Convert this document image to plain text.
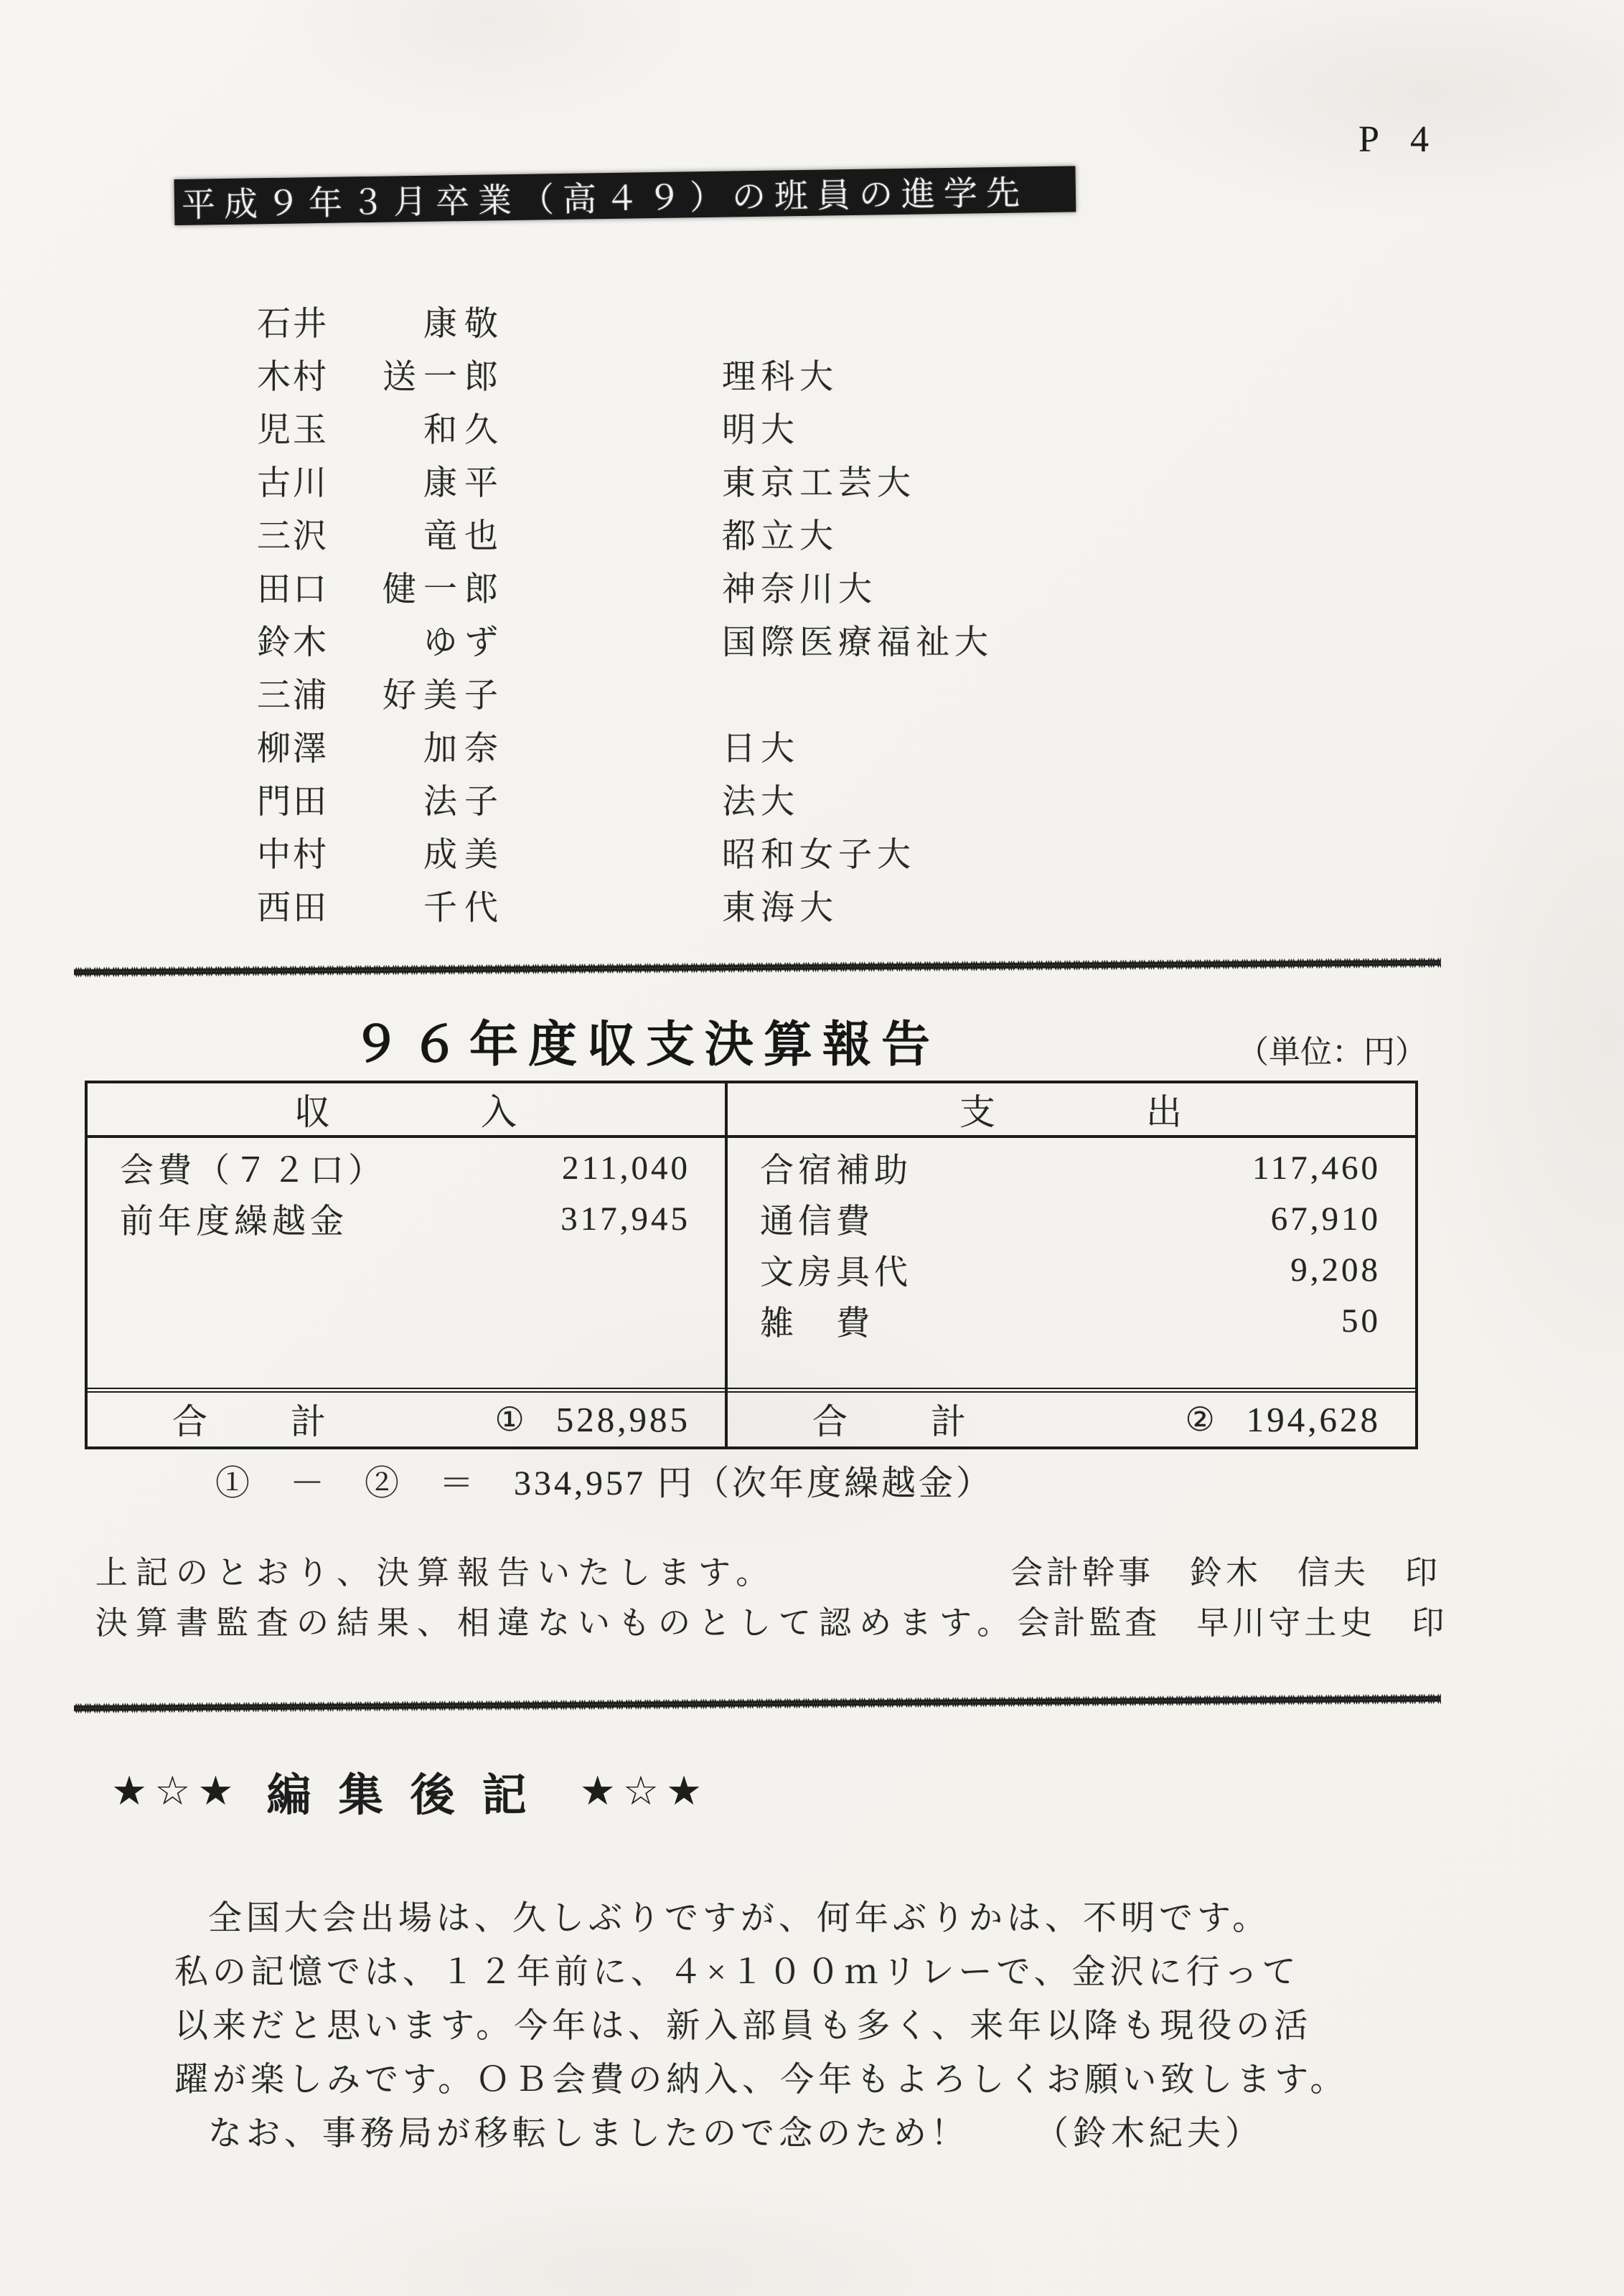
P 4
平成９年３月卒業（高４９）の班員の進学先
石井	康敬
木村	送一郎	理科大
児玉	和久	明大
古川	康平	東京工芸大
三沢	竜也	都立大
田口	健一郎	神奈川大
鈴木	ゆず	国際医療福祉大
三浦	好美子
柳澤	加奈	日大
門田	法子	法大
中村	成美	昭和女子大
西田	千代	東海大
９６年度収支決算報告	（単位：円）
収　　　　入
会費（７２口）	211,040
前年度繰越金	317,945
合　　計	① 528,985
支　　　　出
合宿補助	117,460
通信費	67,910
文房具代	9,208
雑　費	50
合　　計	② 194,628
①　－　②　＝　334,957 円（次年度繰越金）
上記のとおり、決算報告いたします。	会計幹事　鈴木　信夫　印
決算書監査の結果、相違ないものとして認めます。 会計監査　早川守土史　印
★☆★ 編集後記 ★☆★
全国大会出場は、久しぶりですが、何年ぶりかは、不明です。
私の記憶では、１２年前に、４×１００ｍリレーで、金沢に行って
以来だと思います。今年は、新入部員も多く、来年以降も現役の活
躍が楽しみです。ＯＢ会費の納入、今年もよろしくお願い致します。
なお、事務局が移転しましたので念のため！ （鈴木紀夫）
